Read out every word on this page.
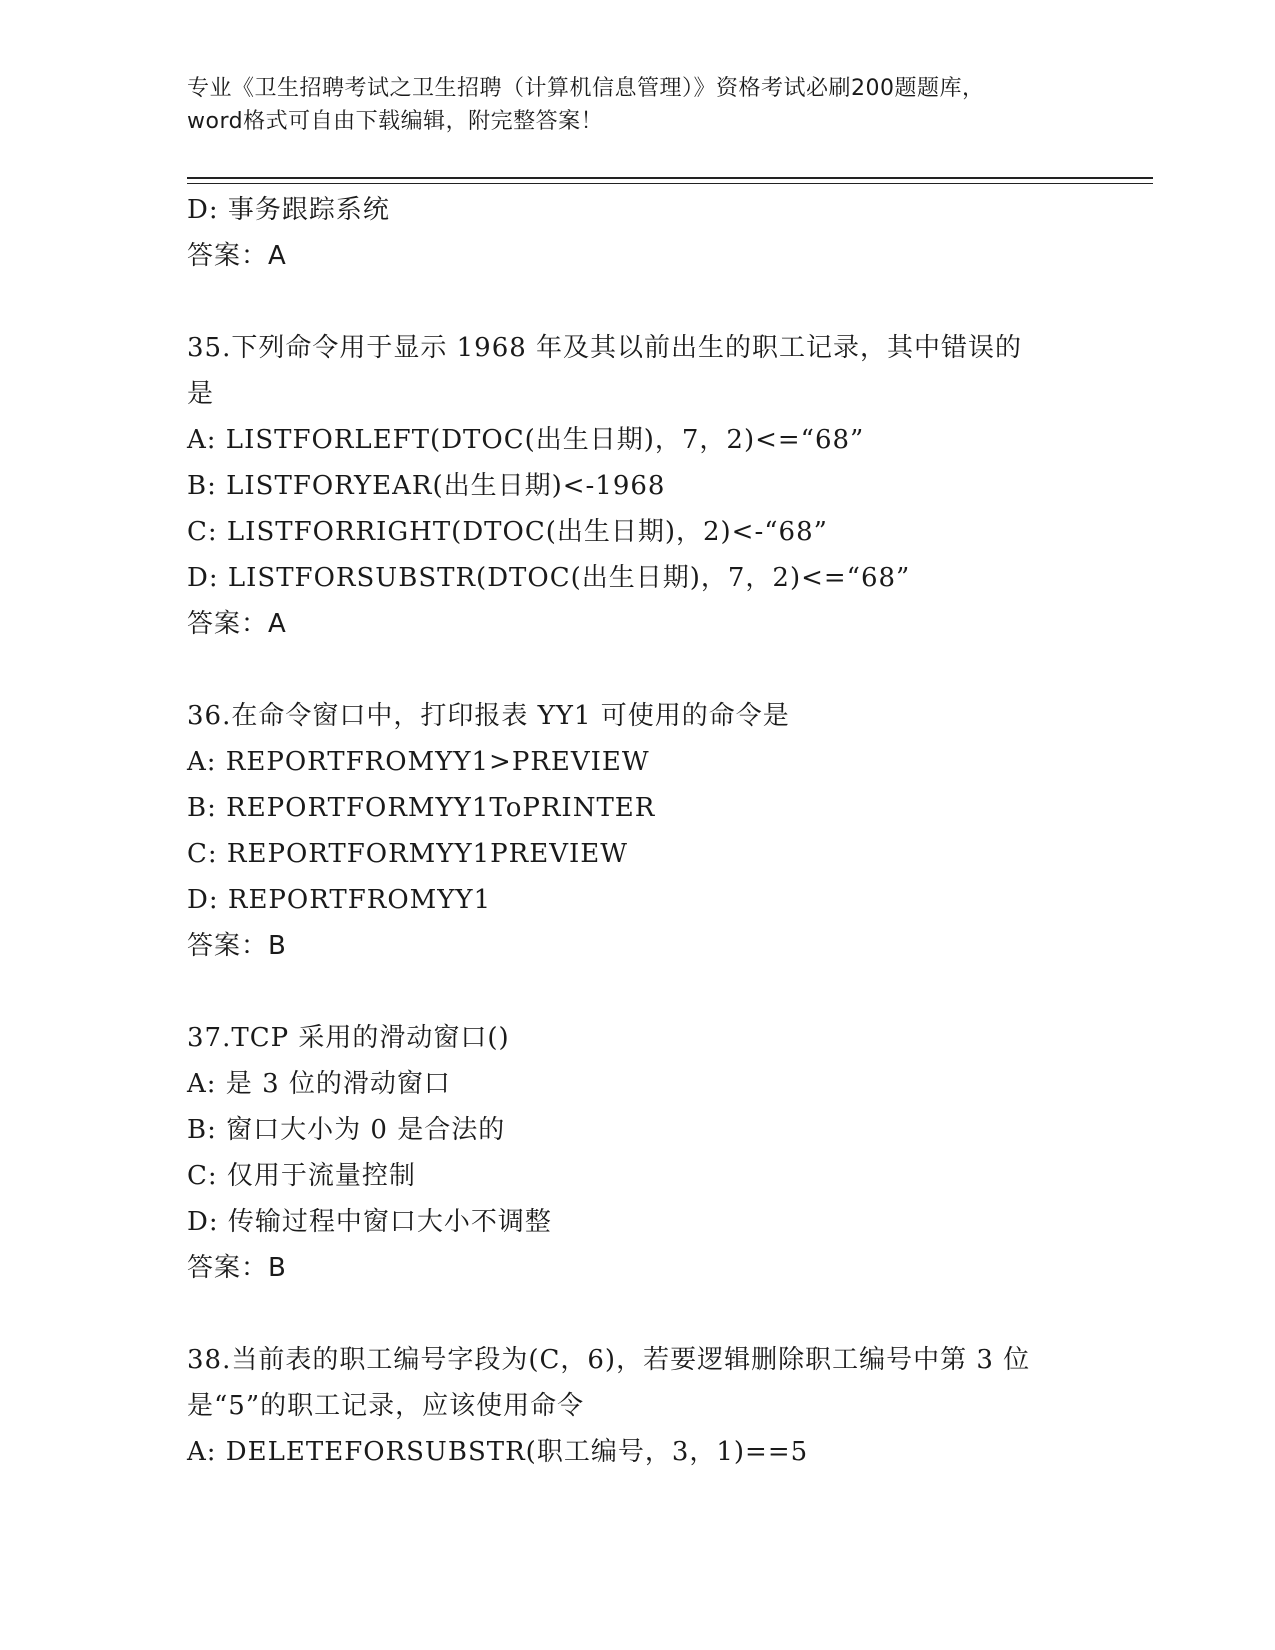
专业《卫生招聘考试之卫生招聘（计算机信息管理）》资格考试必刷200题题库，
word格式可自由下载编辑，附完整答案！
D: 事务跟踪系统
答案：A
35.下列命令用于显示 1968 年及其以前出生的职工记录，其中错误的
是
A: LISTFORLEFT(DTOC(出生日期)，7，2)<=“68”
B: LISTFORYEAR(出生日期)<-1968
C: LISTFORRIGHT(DTOC(出生日期)，2)<-“68”
D: LISTFORSUBSTR(DTOC(出生日期)，7，2)<=“68”
答案：A
36.在命令窗口中，打印报表 YY1 可使用的命令是
A: REPORTFROMYY1>PREVIEW
B: REPORTFORMYY1ToPRINTER
C: REPORTFORMYY1PREVIEW
D: REPORTFROMYY1
答案：B
37.TCP 采用的滑动窗口()
A: 是 3 位的滑动窗口
B: 窗口大小为 0 是合法的
C: 仅用于流量控制
D: 传输过程中窗口大小不调整
答案：B
38.当前表的职工编号字段为(C，6)，若要逻辑删除职工编号中第 3 位
是“5”的职工记录，应该使用命令
A: DELETEFORSUBSTR(职工编号，3，1)==5
